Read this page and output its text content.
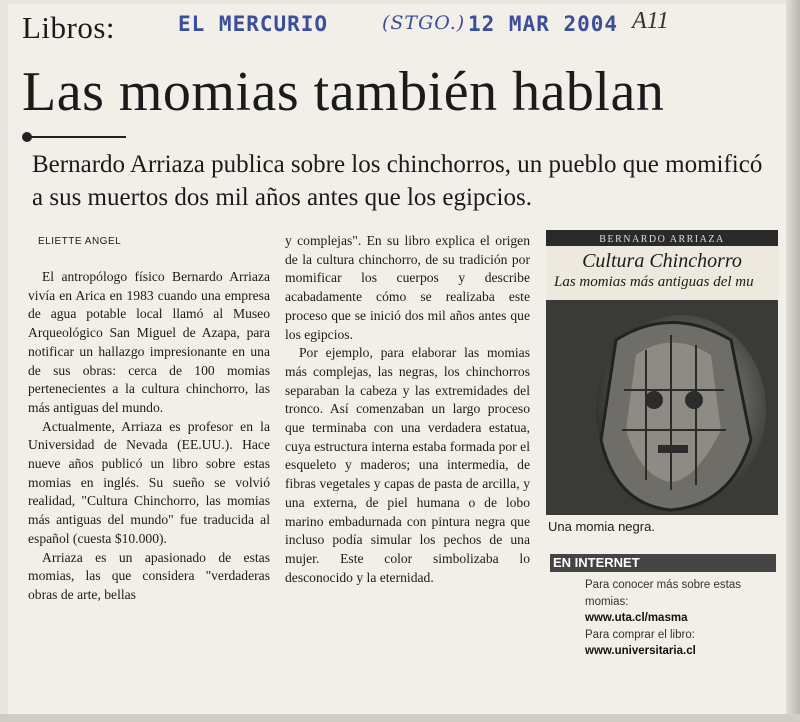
Libros:	EL MERCURIO	(STGO.) 12 MAR 2004 A11
Las momias también hablan
Bernardo Arriaza publica sobre los chinchorros, un pueblo que momificó a sus muertos dos mil años antes que los egipcios.
ELIETTE ANGEL

El antropólogo físico Bernardo Arriaza vivía en Arica en 1983 cuando una empresa de agua potable local llamó al Museo Arqueológico San Miguel de Azapa, para notificar un hallazgo impresionante en una de sus obras: cerca de 100 momias pertenecientes a la cultura chinchorro, las más antiguas del mundo.

Actualmente, Arriaza es profesor en la Universidad de Nevada (EE.UU.). Hace nueve años publicó un libro sobre estas momias en inglés. Su sueño se volvió realidad, "Cultura Chinchorro, las momias más antiguas del mundo" fue traducida al español (cuesta $10.000).

Arriaza es un apasionado de estas momias, las que considera "verdaderas obras de arte, bellas

y complejas". En su libro explica el origen de la cultura chinchorro, de su tradición por momificar los cuerpos y describe acabadamente cómo se realizaba este proceso que se inició dos mil años antes que los egipcios.

Por ejemplo, para elaborar las momias más complejas, las negras, los chinchorros separaban la cabeza y las extremidades del tronco. Así comenzaban un largo proceso que terminaba con una verdadera estatua, cuya estructura interna estaba formada por el esqueleto y maderos; una intermedia, de fibras vegetales y capas de pasta de arcilla, y una externa, de piel humana o de lobo marino embadurnada con pintura negra que incluso podía simular los pechos de una mujer. Este color simbolizaba lo desconocido y la eternidad.

BERNARDO ARRIAZA
Cultura Chinchorro
Las momias más antiguas del mu
Una momia negra.
EN INTERNET
Para conocer más sobre estas momias:
www.uta.cl/masma
Para comprar el libro:
www.universitaria.cl
